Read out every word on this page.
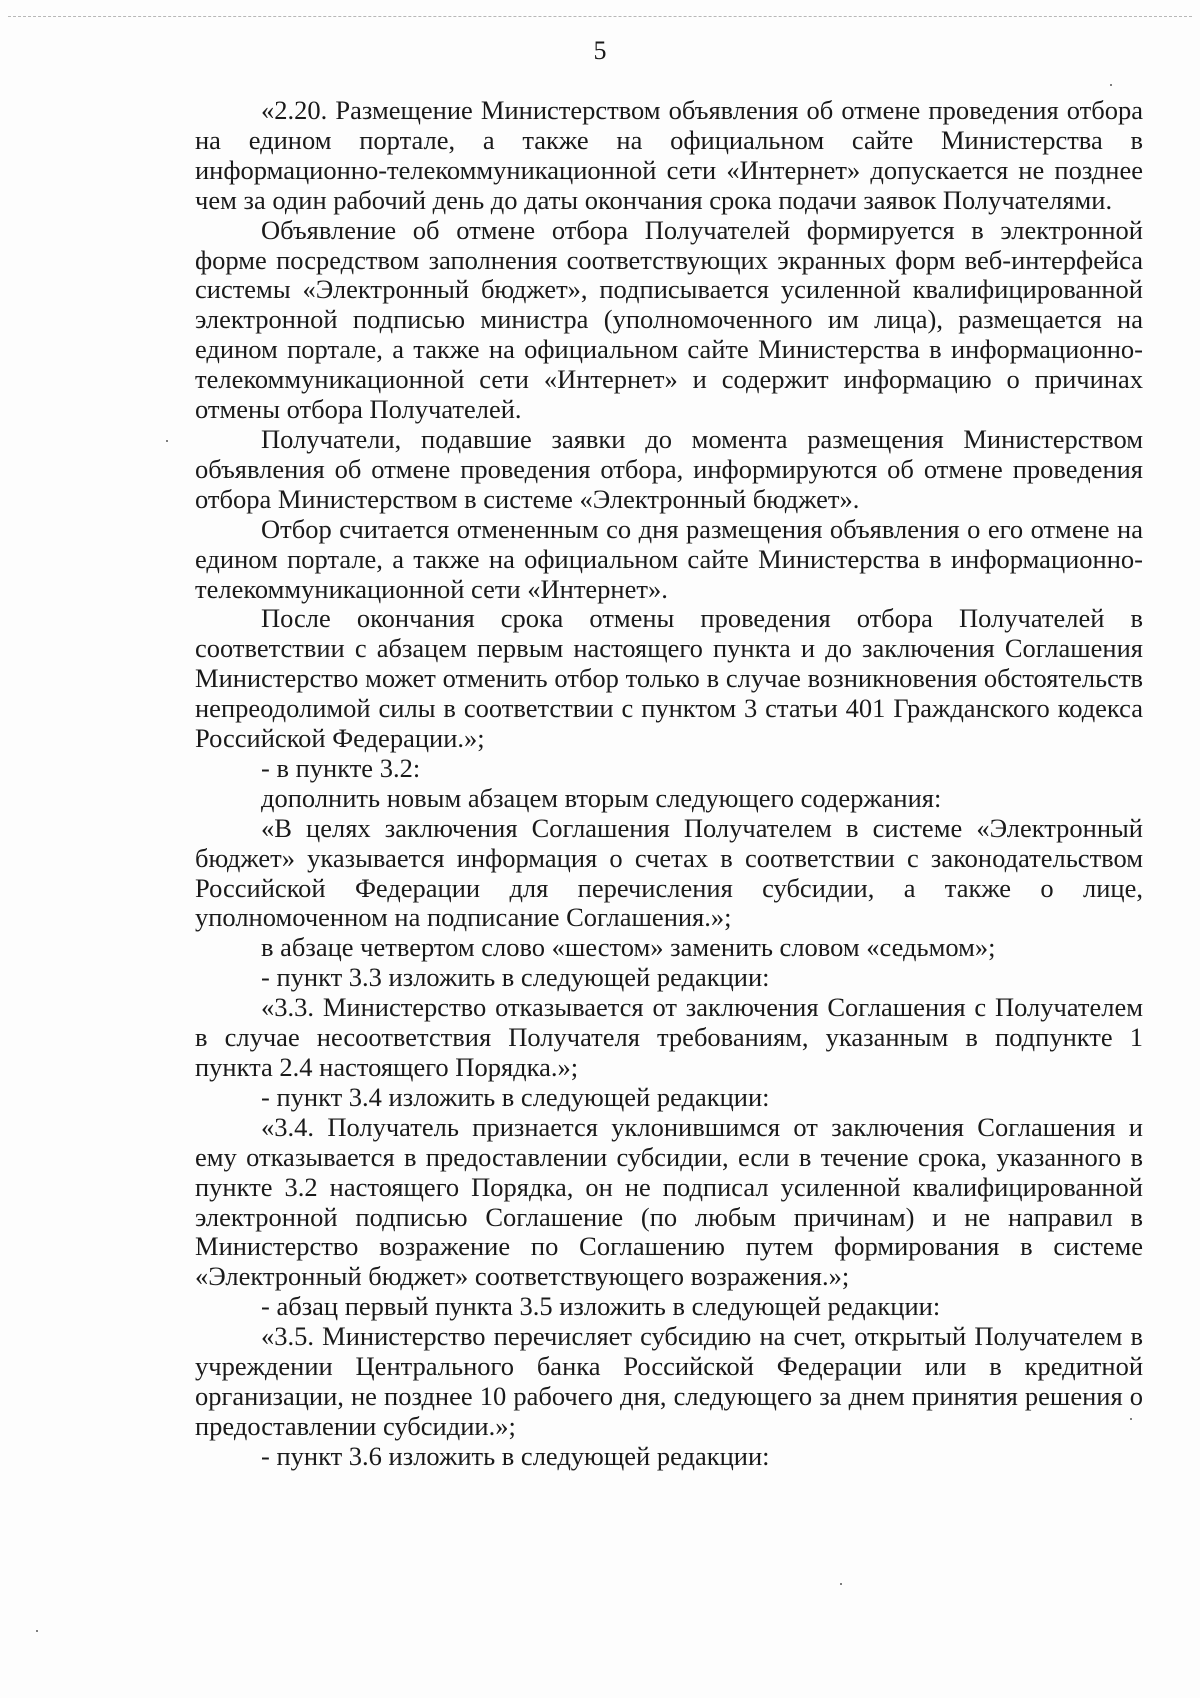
5

«2.20. Размещение Министерством объявления об отмене проведения отбора на едином портале, а также на официальном сайте Министерства в информационно-телекоммуникационной сети «Интернет» допускается не позднее чем за один рабочий день до даты окончания срока подачи заявок Получателями.

Объявление об отмене отбора Получателей формируется в электронной форме посредством заполнения соответствующих экранных форм веб-интерфейса системы «Электронный бюджет», подписывается усиленной квалифицированной электронной подписью министра (уполномоченного им лица), размещается на едином портале, а также на официальном сайте Министерства в информационно-телекоммуникационной сети «Интернет» и содержит информацию о причинах отмены отбора Получателей.

Получатели, подавшие заявки до момента размещения Министерством объявления об отмене проведения отбора, информируются об отмене проведения отбора Министерством в системе «Электронный бюджет».

Отбор считается отмененным со дня размещения объявления о его отмене на едином портале, а также на официальном сайте Министерства в информационно-телекоммуникационной сети «Интернет».

После окончания срока отмены проведения отбора Получателей в соответствии с абзацем первым настоящего пункта и до заключения Соглашения Министерство может отменить отбор только в случае возникновения обстоятельств непреодолимой силы в соответствии с пунктом 3 статьи 401 Гражданского кодекса Российской Федерации.»;

- в пункте 3.2:

дополнить новым абзацем вторым следующего содержания:

«В целях заключения Соглашения Получателем в системе «Электронный бюджет» указывается информация о счетах в соответствии с законодательством Российской Федерации для перечисления субсидии, а также о лице, уполномоченном на подписание Соглашения.»;

в абзаце четвертом слово «шестом» заменить словом «седьмом»;

- пункт 3.3 изложить в следующей редакции:

«3.3. Министерство отказывается от заключения Соглашения с Получателем в случае несоответствия Получателя требованиям, указанным в подпункте 1 пункта 2.4 настоящего Порядка.»;

- пункт 3.4 изложить в следующей редакции:

«3.4. Получатель признается уклонившимся от заключения Соглашения и ему отказывается в предоставлении субсидии, если в течение срока, указанного в пункте 3.2 настоящего Порядка, он не подписал усиленной квалифицированной электронной подписью Соглашение (по любым причинам) и не направил в Министерство возражение по Соглашению путем формирования в системе «Электронный бюджет» соответствующего возражения.»;

- абзац первый пункта 3.5 изложить в следующей редакции:

«3.5. Министерство перечисляет субсидию на счет, открытый Получателем в учреждении Центрального банка Российской Федерации или в кредитной организации, не позднее 10 рабочего дня, следующего за днем принятия решения о предоставлении субсидии.»;

- пункт 3.6 изложить в следующей редакции:
